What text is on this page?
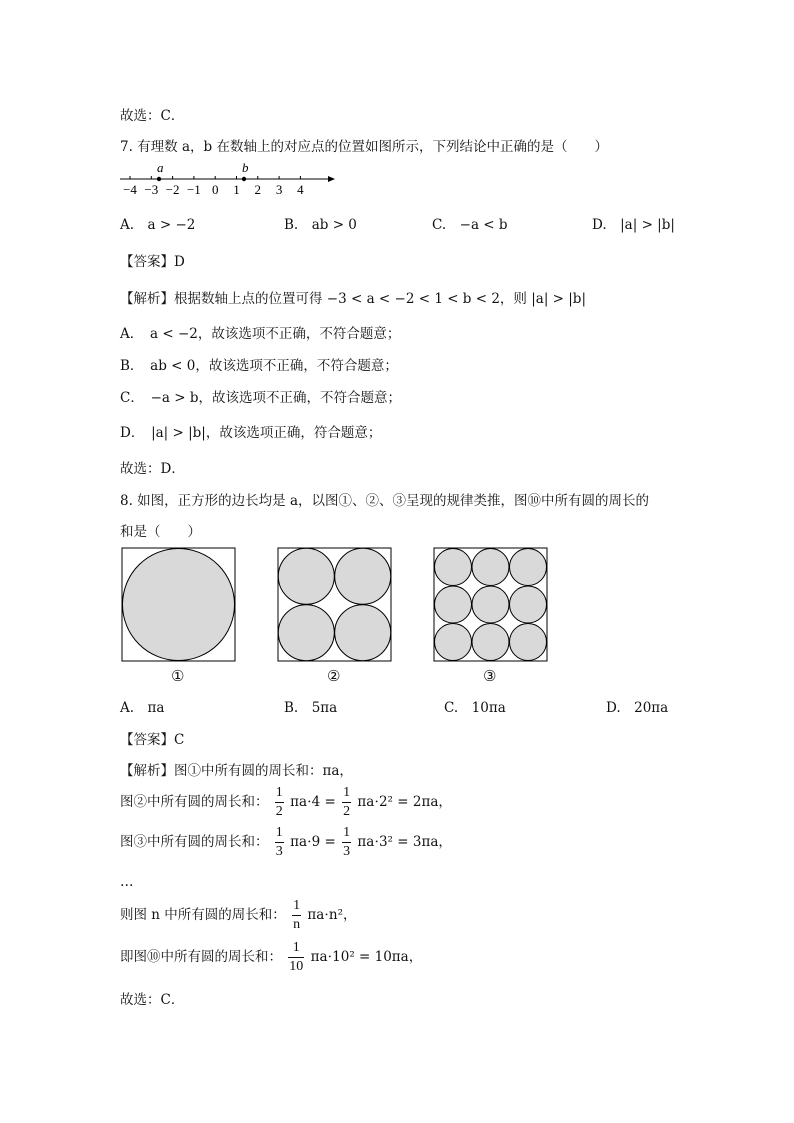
故选：C．
7. 有理数 a，b 在数轴上的对应点的位置如图所示，下列结论中正确的是（　　）
−4 −3 −2 −1 0 1 2 3 4
a	b
A.　a > −2	B.　ab > 0	C.　−a < b	D.　|a| > |b|
【答案】D
【解析】根据数轴上点的位置可得 −3 < a < −2 < 1 < b < 2，则 |a| > |b|
A．　a < −2，故该选项不正确，不符合题意；
B．　ab < 0，故该选项不正确，不符合题意；
C．　−a > b，故该选项不正确，不符合题意；
D．　|a| > |b|，故该选项正确，符合题意；
故选：D．
8. 如图，正方形的边长均是 a，以图①、②、③呈现的规律类推，图⑩中所有圆的周长的
和是（　　）
①	②	③
A.　πa	B.　5πa	C.　10πa	D.　20πa
【答案】C
【解析】图①中所有圆的周长和：πa，
图②中所有圆的周长和： $\frac{1}{2} \pi a\cdot 4 = \frac{1}{2} \pi a\cdot 2^2 = 2\pi a$，
图③中所有圆的周长和： $\frac{1}{3} \pi a\cdot 9 = \frac{1}{3} \pi a\cdot 3^2 = 3\pi a$，
…
则图 n 中所有圆的周长和： $\frac{1}{n} \pi a\cdot n^2$，
即图⑩中所有圆的周长和： $\frac{1}{10} \pi a\cdot 10^2 = 10\pi a$，
故选：C．
